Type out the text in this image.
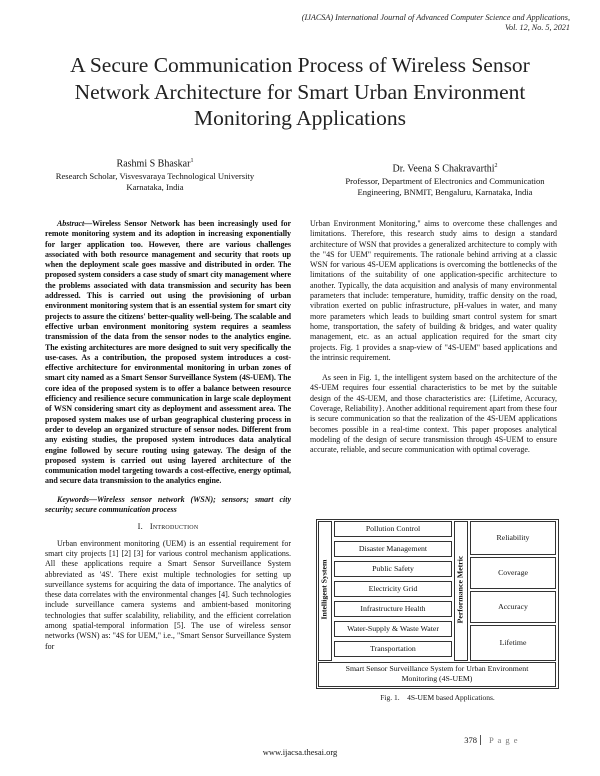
(IJACSA) International Journal of Advanced Computer Science and Applications,
Vol. 12, No. 5, 2021
A Secure Communication Process of Wireless Sensor
Network Architecture for Smart Urban Environment
Monitoring Applications
Rashmi S Bhaskar$^1$
Research Scholar, Visvesvaraya Technological University
Karnataka, India
Dr. Veena S Chakravarthi$^2$
Professor, Department of Electronics and Communication
Engineering, BNMIT, Bengaluru, Karnataka, India

Abstract—Wireless Sensor Network has been increasingly used for remote monitoring system and its adoption in increasing exponentially for larger application too. However, there are various challenges associated with both resource management and security that roots up when the deployment scale goes massive and distributed in order. The proposed system considers a case study of smart city management where the problems associated with data transmission and security has been addressed. This is carried out using the provisioning of urban environment monitoring system that is an essential system for smart city projects to assure the citizens' better-quality well-being. The scalable and effective urban environment monitoring system requires a seamless transmission of the data from the sensor nodes to the analytics engine. The existing architectures are more designed to suit very specifically the use-cases. As a contribution, the proposed system introduces a cost-effective architecture for environmental monitoring in urban zones of smart city named as a Smart Sensor Surveillance System (4S-UEM). The core idea of the proposed system is to offer a balance between resource efficiency and resilience secure communication in large scale deployment of WSN considering smart city as deployment and assessment area. The proposed system makes use of urban geographical clustering process in order to develop an organized structure of sensor nodes. Different from any existing studies, the proposed system introduces data analytical engine followed by secure routing using gateway. The design of the proposed system is carried out using layered architecture of the communication model targeting towards a cost-effective, energy optimal, and secure data transmission to the analytics engine.

Keywords—Wireless sensor network (WSN); sensors; smart city security; secure communication process

I. Introduction

Urban environment monitoring (UEM) is an essential requirement for smart city projects [1] [2] [3] for various control mechanism applications. All these applications require a Smart Sensor Surveillance System abbreviated as '4S'. There exist multiple technologies for setting up surveillance systems for acquiring the data of importance. The analytics of these data correlates with the environmental changes [4]. Such technologies include surveillance camera systems and ambient-based monitoring technologies that suffer scalability, reliability, and the efficient correlation among spatial-temporal information [5]. The use of wireless sensor networks (WSN) as: "4S for UEM," i.e., "Smart Sensor Surveillance System for

Urban Environment Monitoring," aims to overcome these challenges and limitations. Therefore, this research study aims to design a standard architecture of WSN that provides a generalized architecture to comply with the "4S for UEM" requirements. The rationale behind arriving at a classic WSN for various 4S-UEM applications is overcoming the bottlenecks of the limitations of the suitability of one application-specific architecture to another. Typically, the data acquisition and analysis of many environmental parameters that include: temperature, humidity, traffic density on the road, vibration exerted on public infrastructure, pH-values in water, and many more parameters which leads to building smart control system for smart home, transportation, the safety of building & bridges, and water quality management, etc. as an actual application required for the smart city projects. Fig. 1 provides a snap-view of "4S-UEM" based applications and the intrinsic requirement.

As seen in Fig. 1, the intelligent system based on the architecture of the 4S-UEM requires four essential characteristics to be met by the suitable design of the 4S-UEM, and those characteristics are: {Lifetime, Accuracy, Coverage, Reliability}. Another additional requirement apart from these four is secure communication so that the realization of the 4S-UEM applications becomes possible in a real-time context. This paper proposes analytical modeling of the design of secure transmission through 4S-UEM to ensure accurate, reliable, and secure communication with optimal coverage.

Intelligent System
Pollution Control
Disaster Management
Public Safety
Electricity Grid
Infrastructure Health
Water-Supply & Waste Water
Transportation
Performance Metric
Reliability
Coverage
Accuracy
Lifetime
Smart Sensor Surveillance System for Urban Environment
Monitoring (4S-UEM)
Fig. 1.    4S-UEM based Applications.
378 P a g e
www.ijacsa.thesai.org
